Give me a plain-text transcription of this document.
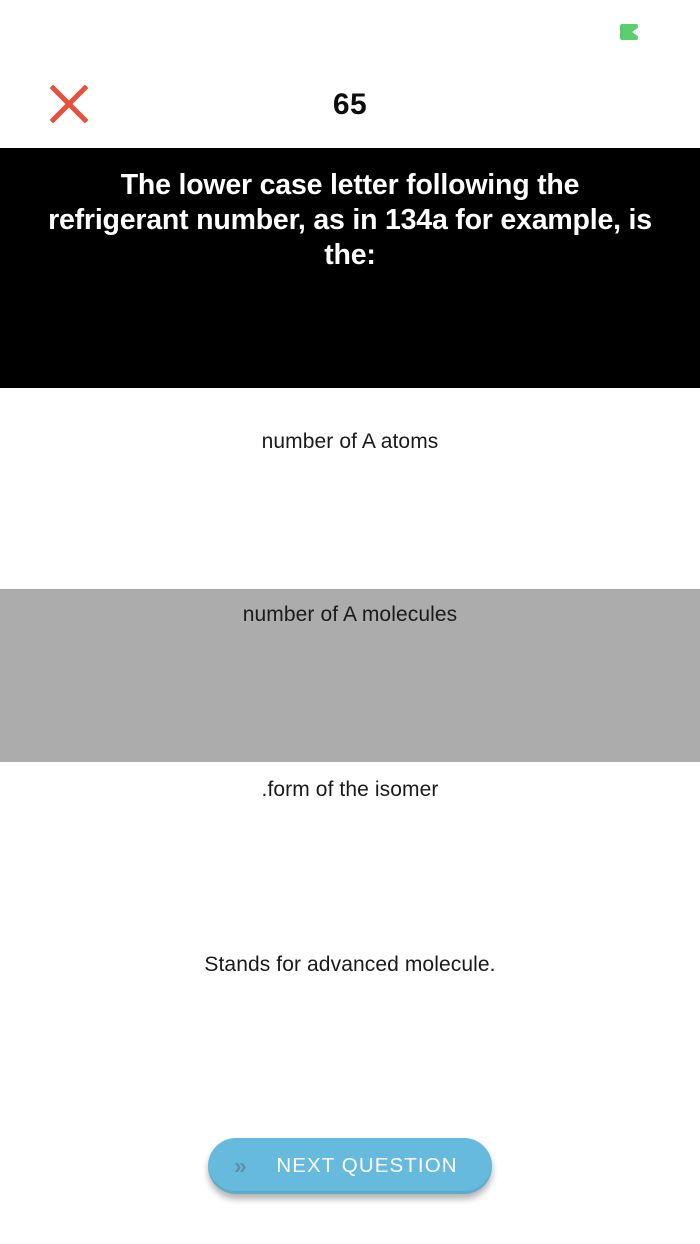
65
The lower case letter following the refrigerant number, as in 134a for example, is the:
number of A atoms
number of A molecules
.form of the isomer
Stands for advanced molecule.
»	NEXT QUESTION
